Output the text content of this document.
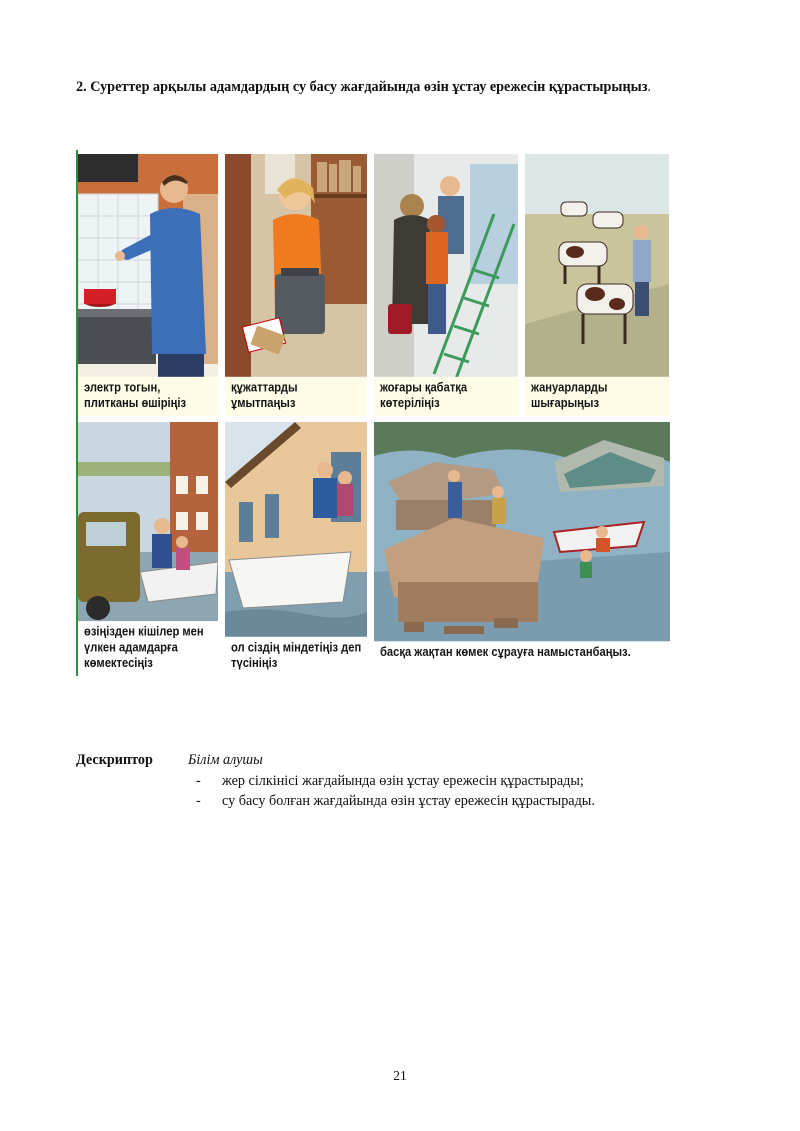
2. Суреттер арқылы адамдардың су басу жағдайында өзін ұстау ережесін құрастырыңыз.
электр тогын,
плитканы өшіріңіз
құжаттарды ұмытпаңыз
жоғары қабатқа
көтеріліңіз
жануарларды
шығарыңыз
өзіңізден кішілер мен
үлкен адамдарға
көмектесіңіз
ол сіздің міндетіңіз деп
түсініңіз
басқа жақтан көмек сұрауға намыстанбаңыз.
Дескриптор Білім алушы
- жер сілкінісі жағдайында өзін ұстау ережесін құрастырады;
- су басу болған жағдайында өзін ұстау ережесін құрастырады.
21
